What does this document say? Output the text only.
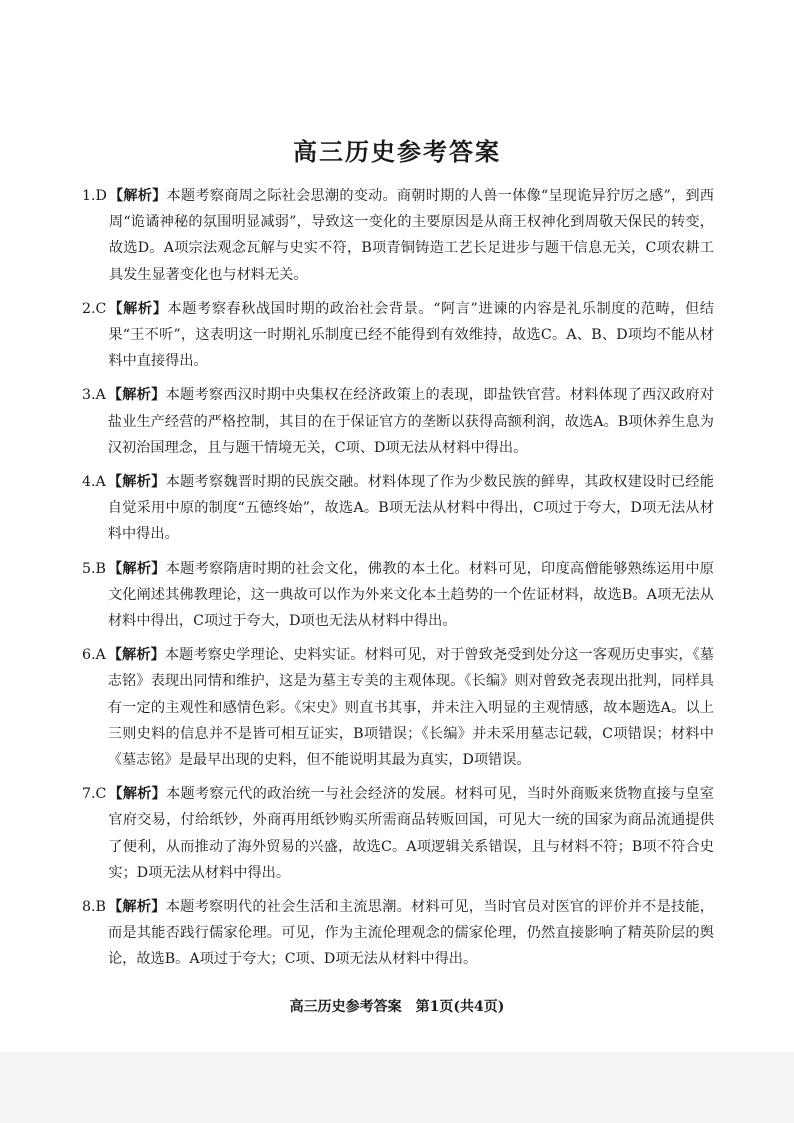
高三历史参考答案
1.D 【解析】本题考察商周之际社会思潮的变动。商朝时期的人兽一体像“呈现诡异狞厉之感”，到西周“诡谲神秘的氛围明显减弱”，导致这一变化的主要原因是从商王权神化到周敬天保民的转变，故选D。A项宗法观念瓦解与史实不符，B项青铜铸造工艺长足进步与题干信息无关，C项农耕工具发生显著变化也与材料无关。
2.C 【解析】本题考察春秋战国时期的政治社会背景。“阿言”进谏的内容是礼乐制度的范畴，但结果“王不听”，这表明这一时期礼乐制度已经不能得到有效维持，故选C。A、B、D项均不能从材料中直接得出。
3.A 【解析】本题考察西汉时期中央集权在经济政策上的表现，即盐铁官营。材料体现了西汉政府对盐业生产经营的严格控制，其目的在于保证官方的垄断以获得高额利润，故选A。B项休养生息为汉初治国理念，且与题干情境无关，C项、D项无法从材料中得出。
4.A 【解析】本题考察魏晋时期的民族交融。材料体现了作为少数民族的鲜卑，其政权建设时已经能自觉采用中原的制度“五德终始”，故选A。B项无法从材料中得出，C项过于夸大，D项无法从材料中得出。
5.B 【解析】本题考察隋唐时期的社会文化，佛教的本土化。材料可见，印度高僧能够熟练运用中原文化阐述其佛教理论，这一典故可以作为外来文化本土趋势的一个佐证材料，故选B。A项无法从材料中得出，C项过于夸大，D项也无法从材料中得出。
6.A 【解析】本题考察史学理论、史料实证。材料可见，对于曾致尧受到处分这一客观历史事实，《墓志铭》表现出同情和维护，这是为墓主专美的主观体现。《长编》则对曾致尧表现出批判，同样具有一定的主观性和感情色彩。《宋史》则直书其事，并未注入明显的主观情感，故本题选A。以上三则史料的信息并不是皆可相互证实，B项错误；《长编》并未采用墓志记载，C项错误；材料中《墓志铭》是最早出现的史料，但不能说明其最为真实，D项错误。
7.C 【解析】本题考察元代的政治统一与社会经济的发展。材料可见，当时外商贩来货物直接与皇室官府交易，付给纸钞，外商再用纸钞购买所需商品转贩回国，可见大一统的国家为商品流通提供了便利，从而推动了海外贸易的兴盛，故选C。A项逻辑关系错误，且与材料不符；B项不符合史实；D项无法从材料中得出。
8.B 【解析】本题考察明代的社会生活和主流思潮。材料可见，当时官员对医官的评价并不是技能，而是其能否践行儒家伦理。可见，作为主流伦理观念的儒家伦理，仍然直接影响了精英阶层的舆论，故选B。A项过于夸大；C项、D项无法从材料中得出。
高三历史参考答案 第1页(共4页)
